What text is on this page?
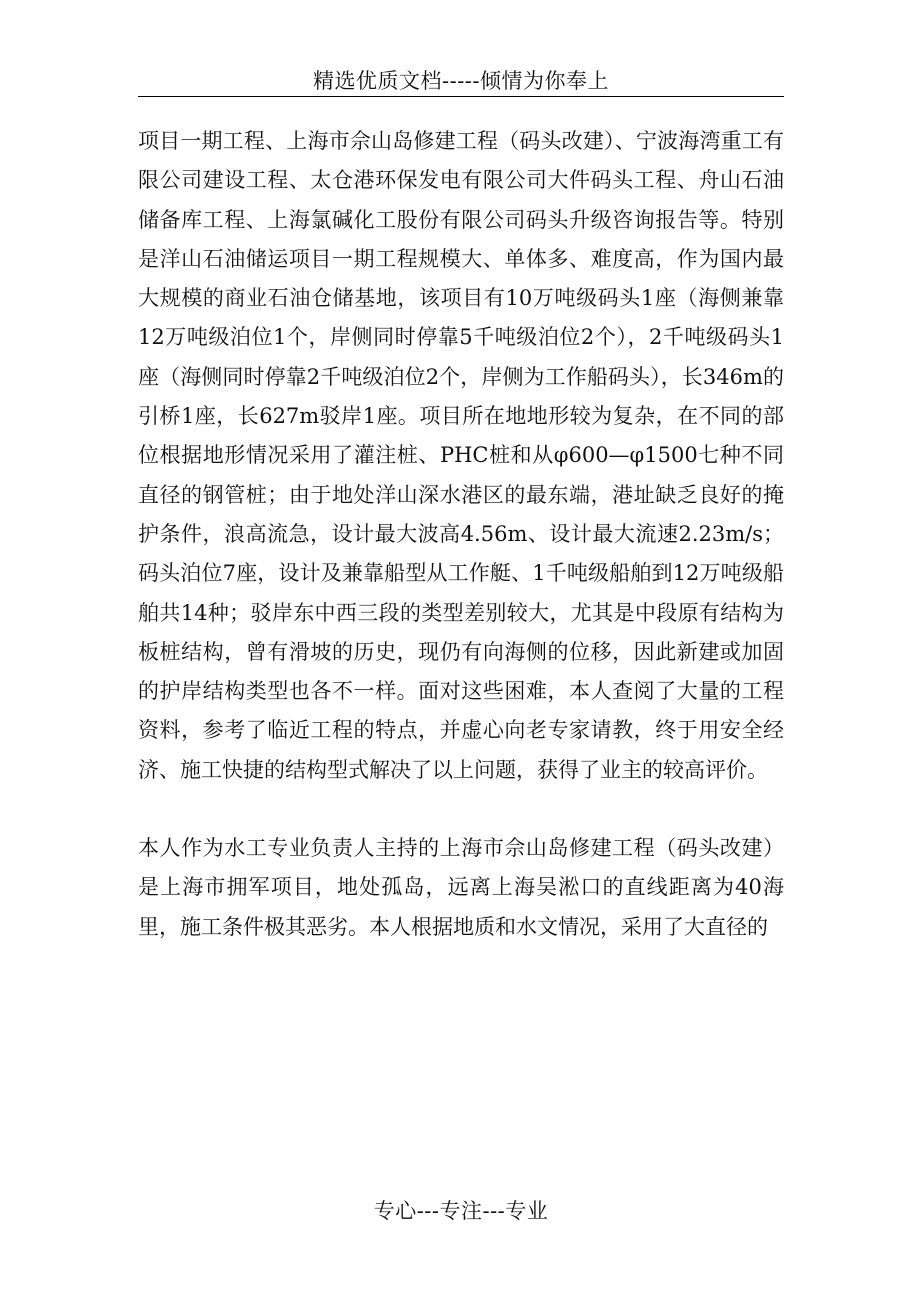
精选优质文档-----倾情为你奉上

项目一期工程、上海市佘山岛修建工程（码头改建）、宁波海湾重工有限公司建设工程、太仓港环保发电有限公司大件码头工程、舟山石油储备库工程、上海氯碱化工股份有限公司码头升级咨询报告等。特别是洋山石油储运项目一期工程规模大、单体多、难度高，作为国内最大规模的商业石油仓储基地，该项目有10万吨级码头1座（海侧兼靠12万吨级泊位1个，岸侧同时停靠5千吨级泊位2个），2千吨级码头1座（海侧同时停靠2千吨级泊位2个，岸侧为工作船码头），长346m的引桥1座，长627m驳岸1座。项目所在地地形较为复杂，在不同的部位根据地形情况采用了灌注桩、PHC桩和从φ600—φ1500七种不同直径的钢管桩；由于地处洋山深水港区的最东端，港址缺乏良好的掩护条件，浪高流急，设计最大波高4.56m、设计最大流速2.23m/s；码头泊位7座，设计及兼靠船型从工作艇、1千吨级船舶到12万吨级船舶共14种；驳岸东中西三段的类型差别较大，尤其是中段原有结构为板桩结构，曾有滑坡的历史，现仍有向海侧的位移，因此新建或加固的护岸结构类型也各不一样。面对这些困难，本人查阅了大量的工程资料，参考了临近工程的特点，并虚心向老专家请教，终于用安全经济、施工快捷的结构型式解决了以上问题，获得了业主的较高评价。

本人作为水工专业负责人主持的上海市佘山岛修建工程（码头改建）是上海市拥军项目，地处孤岛，远离上海吴淞口的直线距离为40海里，施工条件极其恶劣。本人根据地质和水文情况，采用了大直径的

专心---专注---专业
